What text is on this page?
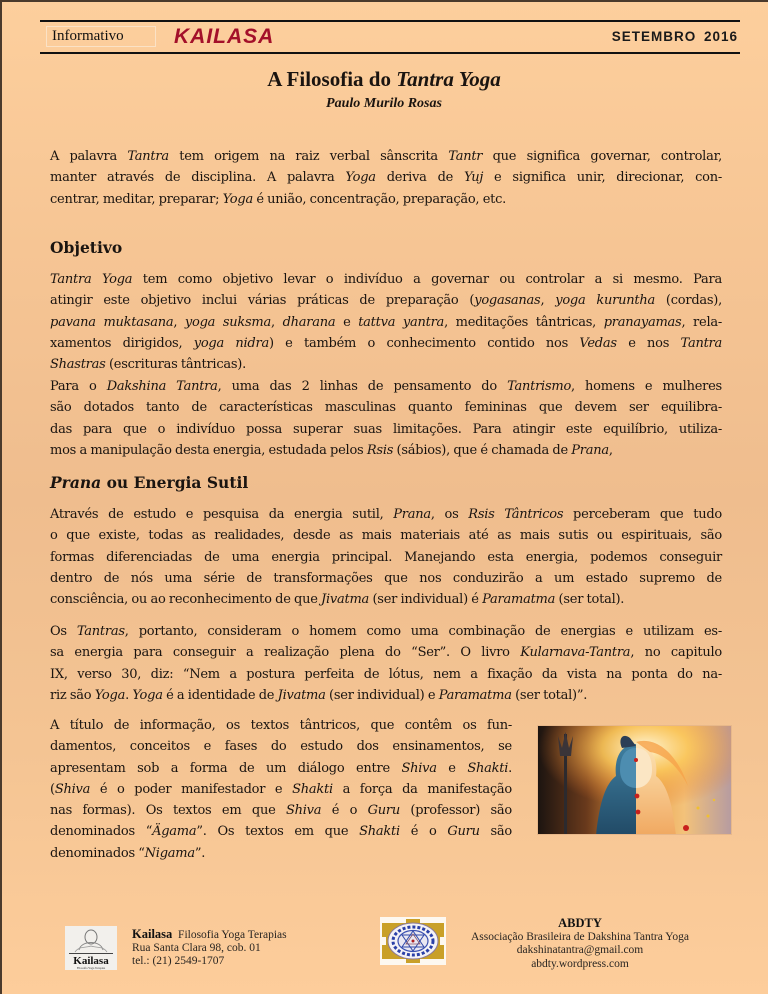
Informativo	KAILASA	SETEMBRO 2016
A Filosofia do Tantra Yoga
Paulo Murilo Rosas
A palavra Tantra tem origem na raiz verbal sânscrita Tantr que significa governar, controlar,
manter através de disciplina. A palavra Yoga deriva de Yuj e significa unir, direcionar, con-
centrar, meditar, preparar; Yoga é união, concentração, preparação, etc.
Objetivo
Tantra Yoga tem como objetivo levar o indivíduo a governar ou controlar a si mesmo. Para
atingir este objetivo inclui várias práticas de preparação (yogasanas, yoga kuruntha (cordas),
pavana muktasana, yoga suksma, dharana e tattva yantra, meditações tântricas, pranayamas, rela-
xamentos dirigidos, yoga nidra) e também o conhecimento contido nos Vedas e nos Tantra
Shastras (escrituras tântricas).
Para o Dakshina Tantra, uma das 2 linhas de pensamento do Tantrismo, homens e mulheres
são dotados tanto de características masculinas quanto femininas que devem ser equilibra-
das para que o indivíduo possa superar suas limitações. Para atingir este equilíbrio, utiliza-
mos a manipulação desta energia, estudada pelos Rsis (sábios), que é chamada de Prana,
Prana ou Energia Sutil
Através de estudo e pesquisa da energia sutil, Prana, os Rsis Tântricos perceberam que tudo
o que existe, todas as realidades, desde as mais materiais até as mais sutis ou espirituais, são
formas diferenciadas de uma energia principal. Manejando esta energia, podemos conseguir
dentro de nós uma série de transformações que nos conduzirão a um estado supremo de
consciência, ou ao reconhecimento de que Jivatma (ser individual) é Paramatma (ser total).
Os Tantras, portanto, consideram o homem como uma combinação de energias e utilizam es-
sa energia para conseguir a realização plena do “Ser”. O livro Kularnava-Tantra, no capitulo
IX, verso 30, diz: “Nem a postura perfeita de lótus, nem a fixação da vista na ponta do na-
riz são Yoga. Yoga é a identidade de Jivatma (ser individual) e Paramatma (ser total)”.
A título de informação, os textos tântricos, que contêm os fun-
damentos, conceitos e fases do estudo dos ensinamentos, se
apresentam sob a forma de um diálogo entre Shiva e Shakti.
(Shiva é o poder manifestador e Shakti a força da manifestação
nas formas). Os textos em que Shiva é o Guru (professor) são
denominados “Ägama”. Os textos em que Shakti é o Guru são
denominados “Nigama”.
Kailasa
Filosofia Yoga Terapias
Kailasa Filosofia Yoga Terapias
Rua Santa Clara 98, cob. 01
tel.: (21) 2549-1707
ABDTY
Associação Brasileira de Dakshina Tantra Yoga
dakshinatantra@gmail.com
abdty.wordpress.com
